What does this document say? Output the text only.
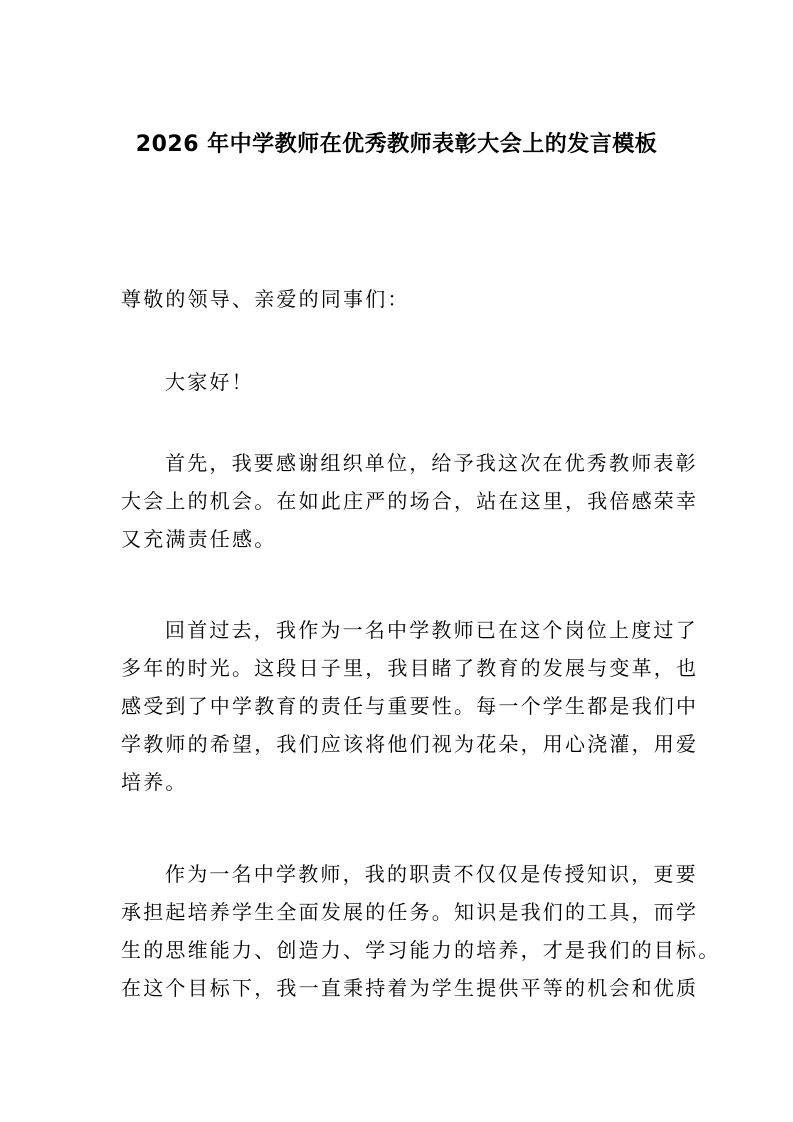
2026 年中学教师在优秀教师表彰大会上的发言模板
尊敬的领导、亲爱的同事们：
大家好！
首先，我要感谢组织单位，给予我这次在优秀教师表彰
大会上的机会。在如此庄严的场合，站在这里，我倍感荣幸
又充满责任感。
回首过去，我作为一名中学教师已在这个岗位上度过了
多年的时光。这段日子里，我目睹了教育的发展与变革，也
感受到了中学教育的责任与重要性。每一个学生都是我们中
学教师的希望，我们应该将他们视为花朵，用心浇灌，用爱
培养。
作为一名中学教师，我的职责不仅仅是传授知识，更要
承担起培养学生全面发展的任务。知识是我们的工具，而学
生的思维能力、创造力、学习能力的培养，才是我们的目标。
在这个目标下，我一直秉持着为学生提供平等的机会和优质
